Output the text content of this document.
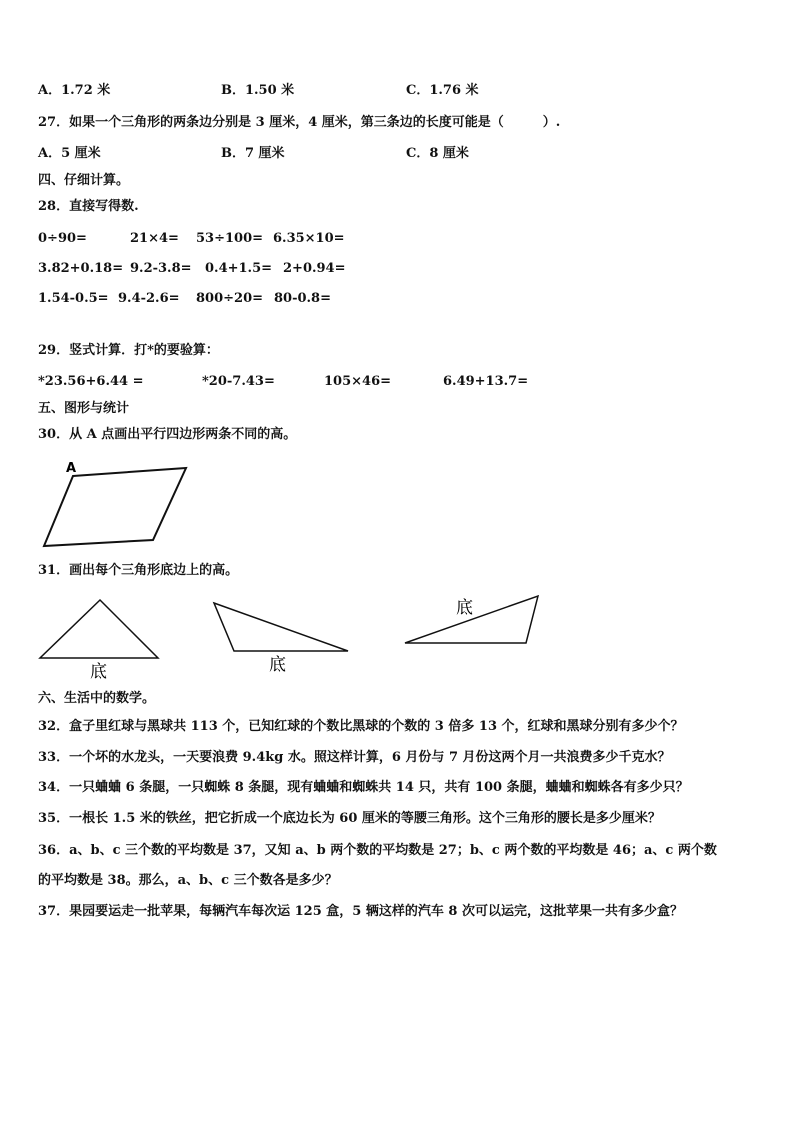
A．1.72 米	B．1.50 米	C．1.76 米
27．如果一个三角形的两条边分别是 3 厘米，4 厘米，第三条边的长度可能是（　　　）.
A．5 厘米	B．7 厘米	C．8 厘米
四、仔细计算。
28．直接写得数.
0÷90=	21×4= 53÷100= 6.35×10=
3.82+0.18= 9.2-3.8= 0.4+1.5= 2+0.94=
1.54-0.5= 9.4-2.6= 800÷20= 80-0.8=
29．竖式计算．打*的要验算：
*23.56+6.44 =	*20-7.43=	105×46=	6.49+13.7=
五、图形与统计
30．从 A 点画出平行四边形两条不同的高。
A
31．画出每个三角形底边上的高。
底	底
底
六、生活中的数学。
32．盒子里红球与黑球共 113 个，已知红球的个数比黑球的个数的 3 倍多 13 个，红球和黑球分别有多少个？
33．一个坏的水龙头，一天要浪费 9.4kg 水。照这样计算，6 月份与 7 月份这两个月一共浪费多少千克水？
34．一只蛐蛐 6 条腿，一只蜘蛛 8 条腿，现有蛐蛐和蜘蛛共 14 只，共有 100 条腿，蛐蛐和蜘蛛各有多少只？
35．一根长 1.5 米的铁丝，把它折成一个底边长为 60 厘米的等腰三角形。这个三角形的腰长是多少厘米？
36．a、b、c 三个数的平均数是 37，又知 a、b 两个数的平均数是 27；b、c 两个数的平均数是 46；a、c 两个数
的平均数是 38。那么，a、b、c 三个数各是多少？
37．果园要运走一批苹果，每辆汽车每次运 125 盒，5 辆这样的汽车 8 次可以运完，这批苹果一共有多少盒？
